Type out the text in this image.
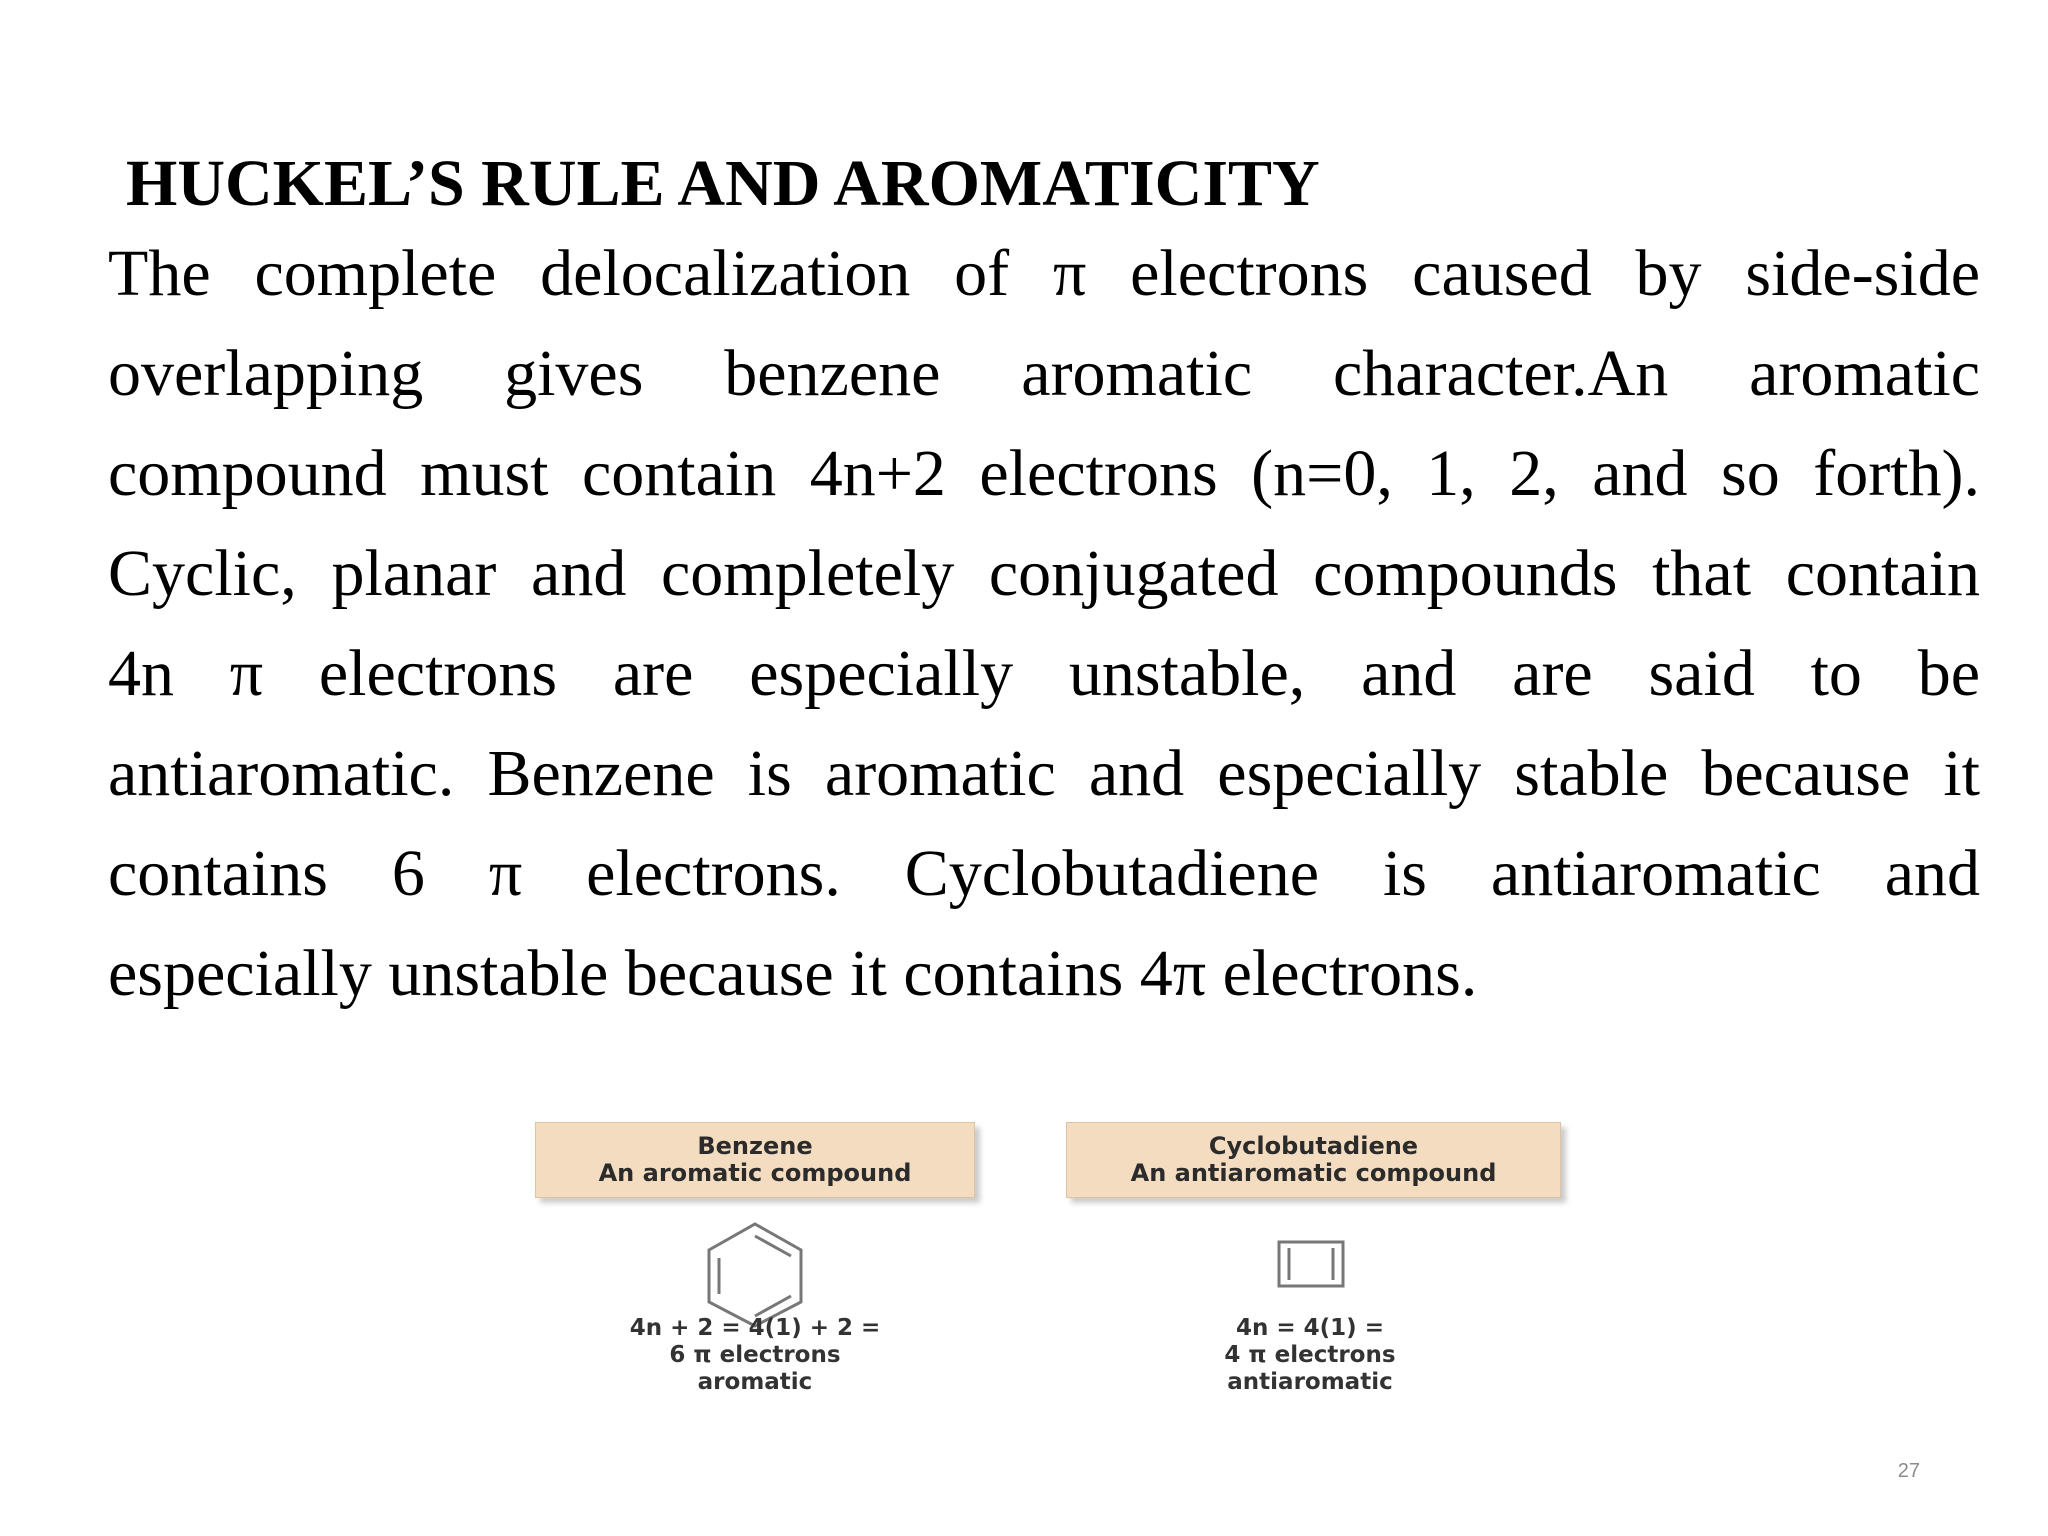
HUCKEL’S RULE AND AROMATICITY
The complete delocalization of π electrons caused by side-side
overlapping gives benzene aromatic character.An aromatic
compound must contain 4n+2 electrons (n=0, 1, 2, and so forth).
Cyclic, planar and completely conjugated compounds that contain
4n π electrons are especially unstable, and are said to be
antiaromatic. Benzene is aromatic and especially stable because it
contains 6 π electrons. Cyclobutadiene is antiaromatic and
especially unstable because it contains 4π electrons.
Benzene
An aromatic compound
Cyclobutadiene
An antiaromatic compound
4n + 2 = 4(1) + 2 =
6 π electrons
aromatic
4n = 4(1) =
4 π electrons
antiaromatic
27
